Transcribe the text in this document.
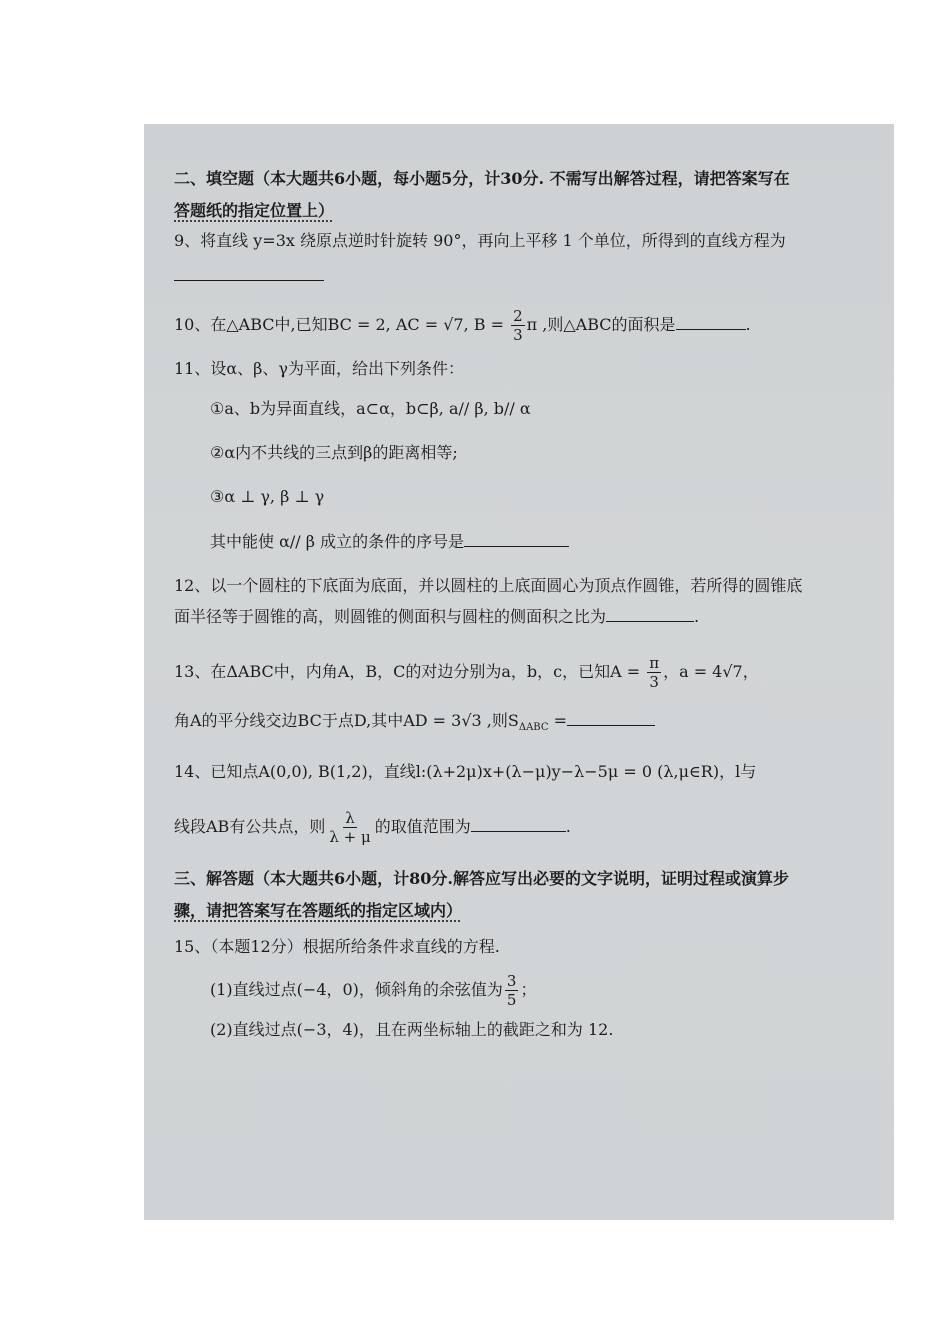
二、填空题（本大题共6小题，每小题5分，计30分. 不需写出解答过程，请把答案写在
答题纸的指定位置上）
9、将直线 y=3x 绕原点逆时针旋转 90°，再向上平移 1 个单位，所得到的直线方程为
10、在△ABC中,已知BC = 2, AC = √7, $B = \frac{2}{3}$ π ,则△ABC的面积是	.
11、设α、β、γ为平面，给出下列条件：
①a、b为异面直线，a⊂α，b⊂β, a// β, b// α
②α内不共线的三点到β的距离相等;
③α ⊥ γ, β ⊥ γ
其中能使 α// β 成立的条件的序号是
12、以一个圆柱的下底面为底面，并以圆柱的上底面圆心为顶点作圆锥，若所得的圆锥底
面半径等于圆锥的高，则圆锥的侧面积与圆柱的侧面积之比为	.
13、在ΔABC中，内角A，B，C的对边分别为a，b，c，已知$A = \frac{\pi}{3}$ ，a = 4√7，
角A的平分线交边BC于点D,其中AD = 3√3 ,则$S_{\Delta ABC}$ =
14、已知点A(0,0), B(1,2)，直线l:(λ+2μ)x+(λ−μ)y−λ−5μ = 0 (λ,μ∈R)，l与
线段AB有公共点，则 $\frac{\lambda}{\lambda + \mu}$ 的取值范围为	.
三、解答题（本大题共6小题，计80分.解答应写出必要的文字说明，证明过程或演算步
骤，请把答案写在答题纸的指定区域内）
15、（本题12分）根据所给条件求直线的方程.
(1)直线过点(−4，0)，倾斜角的余弦值为 $\frac{3}{5}$ ；
(2)直线过点(−3，4)，且在两坐标轴上的截距之和为 12.
